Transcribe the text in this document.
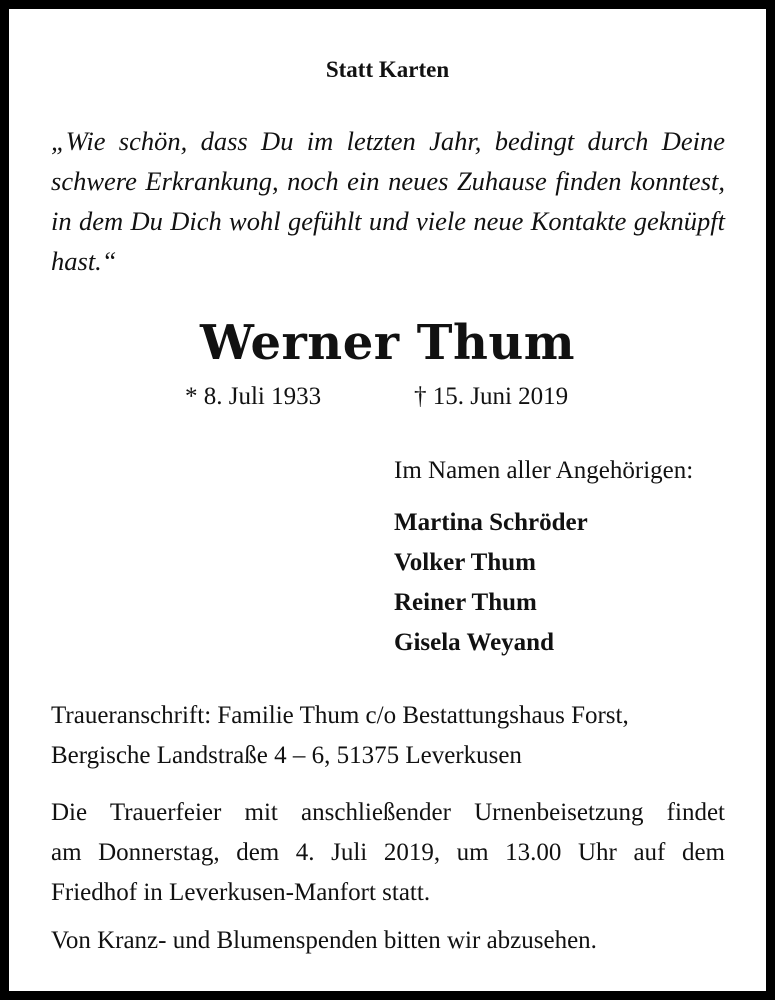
Statt Karten
„Wie schön, dass Du im letzten Jahr, bedingt durch Deine
schwere Erkrankung, noch ein neues Zuhause finden konntest,
in dem Du Dich wohl gefühlt und viele neue Kontakte geknüpft
hast.“
Werner Thum
* 8. Juli 1933	† 15. Juni 2019
Im Namen aller Angehörigen:
Martina Schröder
Volker Thum
Reiner Thum
Gisela Weyand
Traueranschrift: Familie Thum c/o Bestattungshaus Forst,
Bergische Landstraße 4 – 6, 51375 Leverkusen
Die Trauerfeier mit anschließender Urnenbeisetzung findet
am Donnerstag, dem 4. Juli 2019, um 13.00 Uhr auf dem
Friedhof in Leverkusen-Manfort statt.
Von Kranz- und Blumenspenden bitten wir abzusehen.
